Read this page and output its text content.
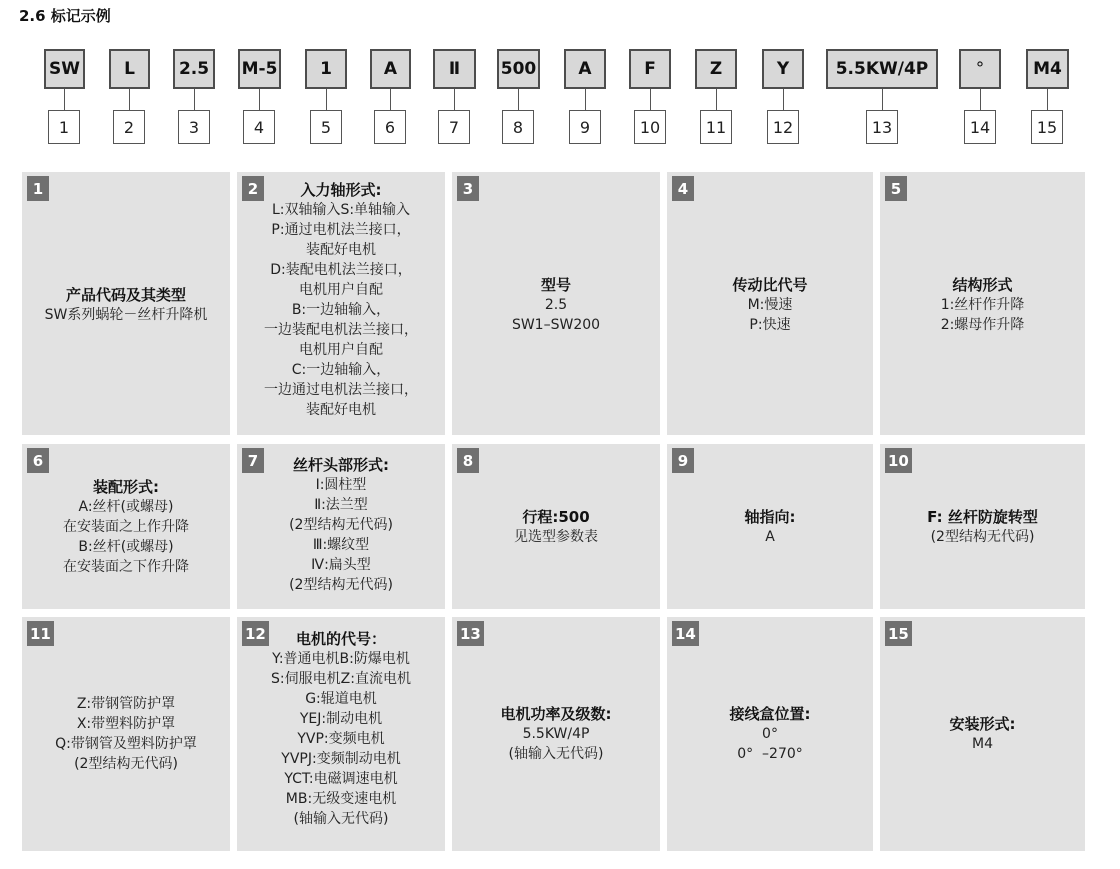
2.6 标记示例
SW	L	2.5	M-5	1	A	Ⅱ	500	A	F	Z	Y	5.5KW/4P	°	M4
1	2	3	4	5	6	7	8	9	10	11	12	13	14	15
1
产品代码及其类型
SW系列蜗轮－丝杆升降机
2	入力轴形式:
L:双轴输入S:单轴输入
P:通过电机法兰接口，
装配好电机
D:装配电机法兰接口，
电机用户自配
B:一边轴输入，
一边装配电机法兰接口，
电机用户自配
C:一边轴输入，
一边通过电机法兰接口，
装配好电机
3
型号
2.5
SW1–SW200
4
传动比代号
M:慢速
P:快速
5
结构形式
1:丝杆作升降
2:螺母作升降
6
装配形式:
A:丝杆(或螺母)
在安装面之上作升降
B:丝杆(或螺母)
在安装面之下作升降
7	丝杆头部形式:
Ⅰ:圆柱型
Ⅱ:法兰型
(2型结构无代码)
Ⅲ:螺纹型
Ⅳ:扁头型
(2型结构无代码)
8
行程:500
见选型参数表
9
轴指向:
A
10
F: 丝杆防旋转型
(2型结构无代码)
11
Z:带钢管防护罩
X:带塑料防护罩
Q:带钢管及塑料防护罩
(2型结构无代码)
12	电机的代号：
Y:普通电机B:防爆电机
S:伺服电机Z:直流电机
G:辊道电机
YEJ:制动电机
YVP:变频电机
YVPJ:变频制动电机
YCT:电磁调速电机
MB:无级变速电机
(轴输入无代码)
13
电机功率及级数:
5.5KW/4P
(轴输入无代码)
14
接线盒位置:
0°
0°  –270°
15
安装形式:
M4
